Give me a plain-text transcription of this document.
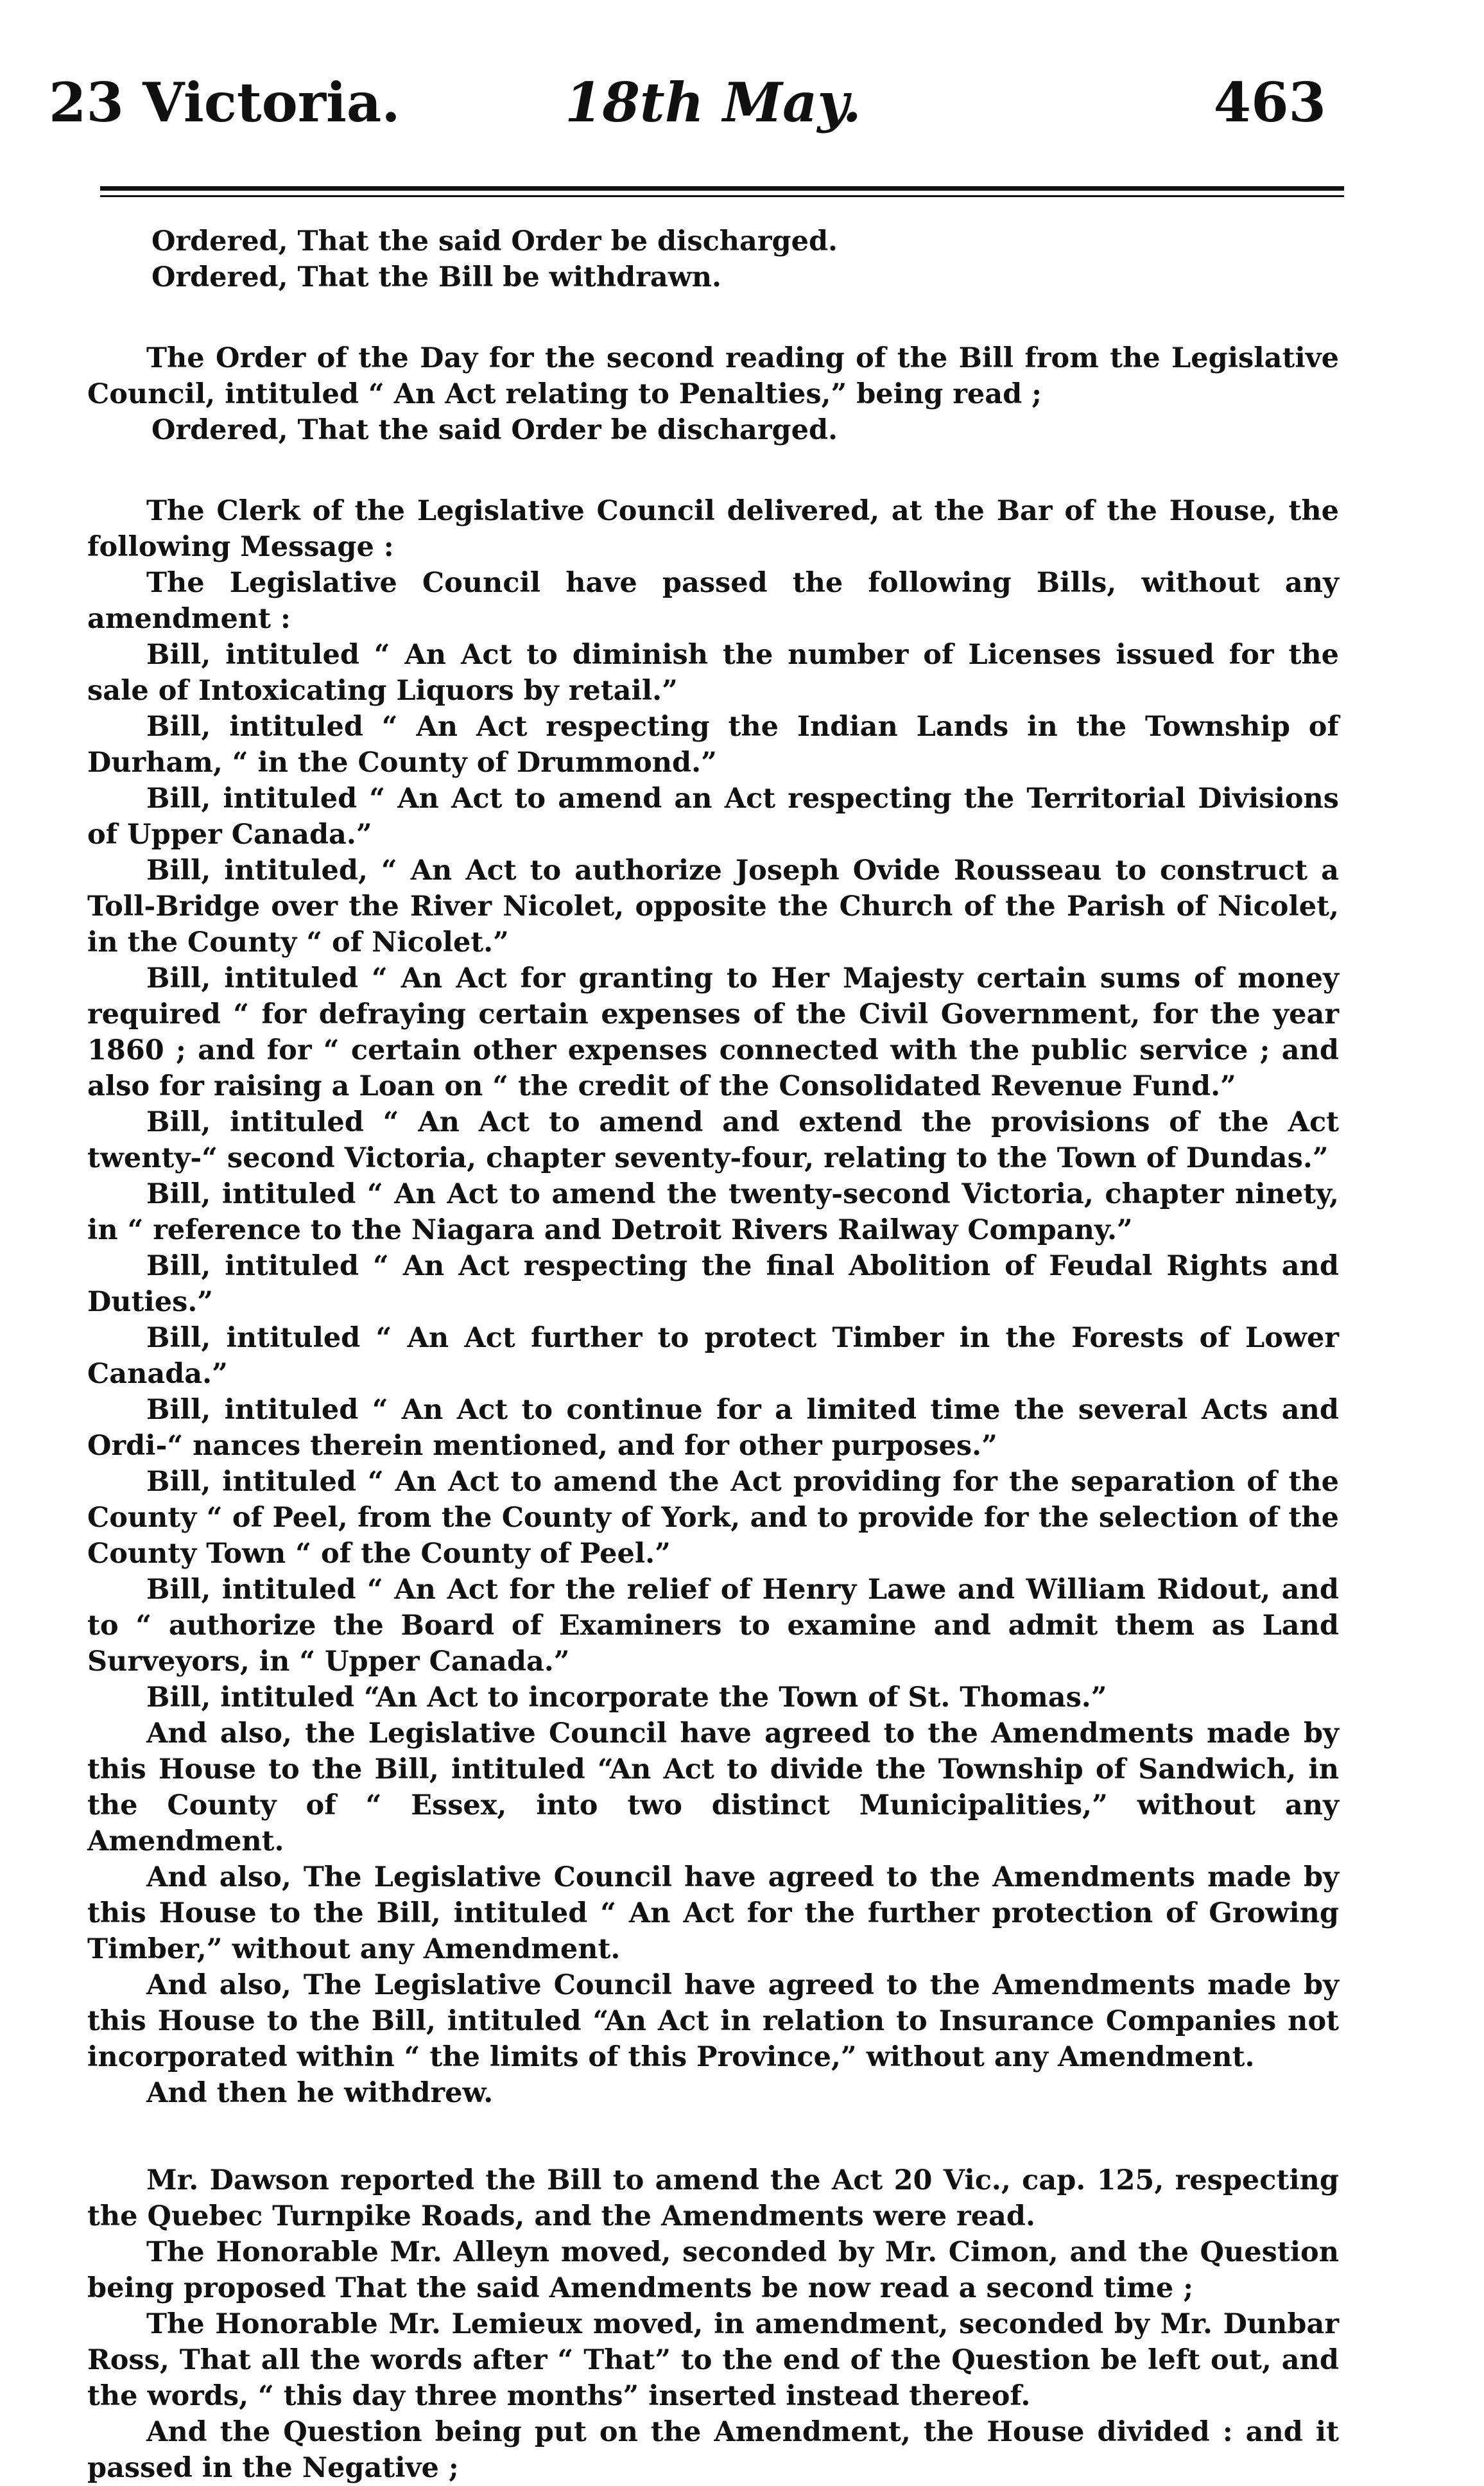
23 Victoria.	18th May.	463

Ordered, That the said Order be discharged.

Ordered, That the Bill be withdrawn.

The Order of the Day for the second reading of the Bill from the Legislative Council, intituled “ An Act relating to Penalties,” being read ;

Ordered, That the said Order be discharged.

The Clerk of the Legislative Council delivered, at the Bar of the House, the following Message :

The Legislative Council have passed the following Bills, without any amendment :

Bill, intituled “ An Act to diminish the number of Licenses issued for the sale of Intoxicating Liquors by retail.”

Bill, intituled “ An Act respecting the Indian Lands in the Township of Durham, “ in the County of Drummond.”

Bill, intituled “ An Act to amend an Act respecting the Territorial Divisions of Upper Canada.”

Bill, intituled, “ An Act to authorize Joseph Ovide Rousseau to construct a Toll-Bridge over the River Nicolet, opposite the Church of the Parish of Nicolet, in the County “ of Nicolet.”

Bill, intituled “ An Act for granting to Her Majesty certain sums of money required “ for defraying certain expenses of the Civil Government, for the year 1860 ; and for “ certain other expenses connected with the public service ; and also for raising a Loan on “ the credit of the Consolidated Revenue Fund.”

Bill, intituled “ An Act to amend and extend the provisions of the Act twenty-“ second Victoria, chapter seventy-four, relating to the Town of Dundas.”

Bill, intituled “ An Act to amend the twenty-second Victoria, chapter ninety, in “ reference to the Niagara and Detroit Rivers Railway Company.”

Bill, intituled “ An Act respecting the final Abolition of Feudal Rights and Duties.”

Bill, intituled “ An Act further to protect Timber in the Forests of Lower Canada.”

Bill, intituled “ An Act to continue for a limited time the several Acts and Ordi-“ nances therein mentioned, and for other purposes.”

Bill, intituled “ An Act to amend the Act providing for the separation of the County “ of Peel, from the County of York, and to provide for the selection of the County Town “ of the County of Peel.”

Bill, intituled “ An Act for the relief of Henry Lawe and William Ridout, and to “ authorize the Board of Examiners to examine and admit them as Land Surveyors, in “ Upper Canada.”

Bill, intituled “An Act to incorporate the Town of St. Thomas.”

And also, the Legislative Council have agreed to the Amendments made by this House to the Bill, intituled “An Act to divide the Township of Sandwich, in the County of “ Essex, into two distinct Municipalities,” without any Amendment.

And also, The Legislative Council have agreed to the Amendments made by this House to the Bill, intituled “ An Act for the further protection of Growing Timber,” without any Amendment.

And also, The Legislative Council have agreed to the Amendments made by this House to the Bill, intituled “An Act in relation to Insurance Companies not incorporated within “ the limits of this Province,” without any Amendment.

And then he withdrew.

Mr. Dawson reported the Bill to amend the Act 20 Vic., cap. 125, respecting the Quebec Turnpike Roads, and the Amendments were read.

The Honorable Mr. Alleyn moved, seconded by Mr. Cimon, and the Question being proposed That the said Amendments be now read a second time ;

The Honorable Mr. Lemieux moved, in amendment, seconded by Mr. Dunbar Ross, That all the words after “ That” to the end of the Question be left out, and the words, “ this day three months” inserted instead thereof.

And the Question being put on the Amendment, the House divided : and it passed in the Negative ;
